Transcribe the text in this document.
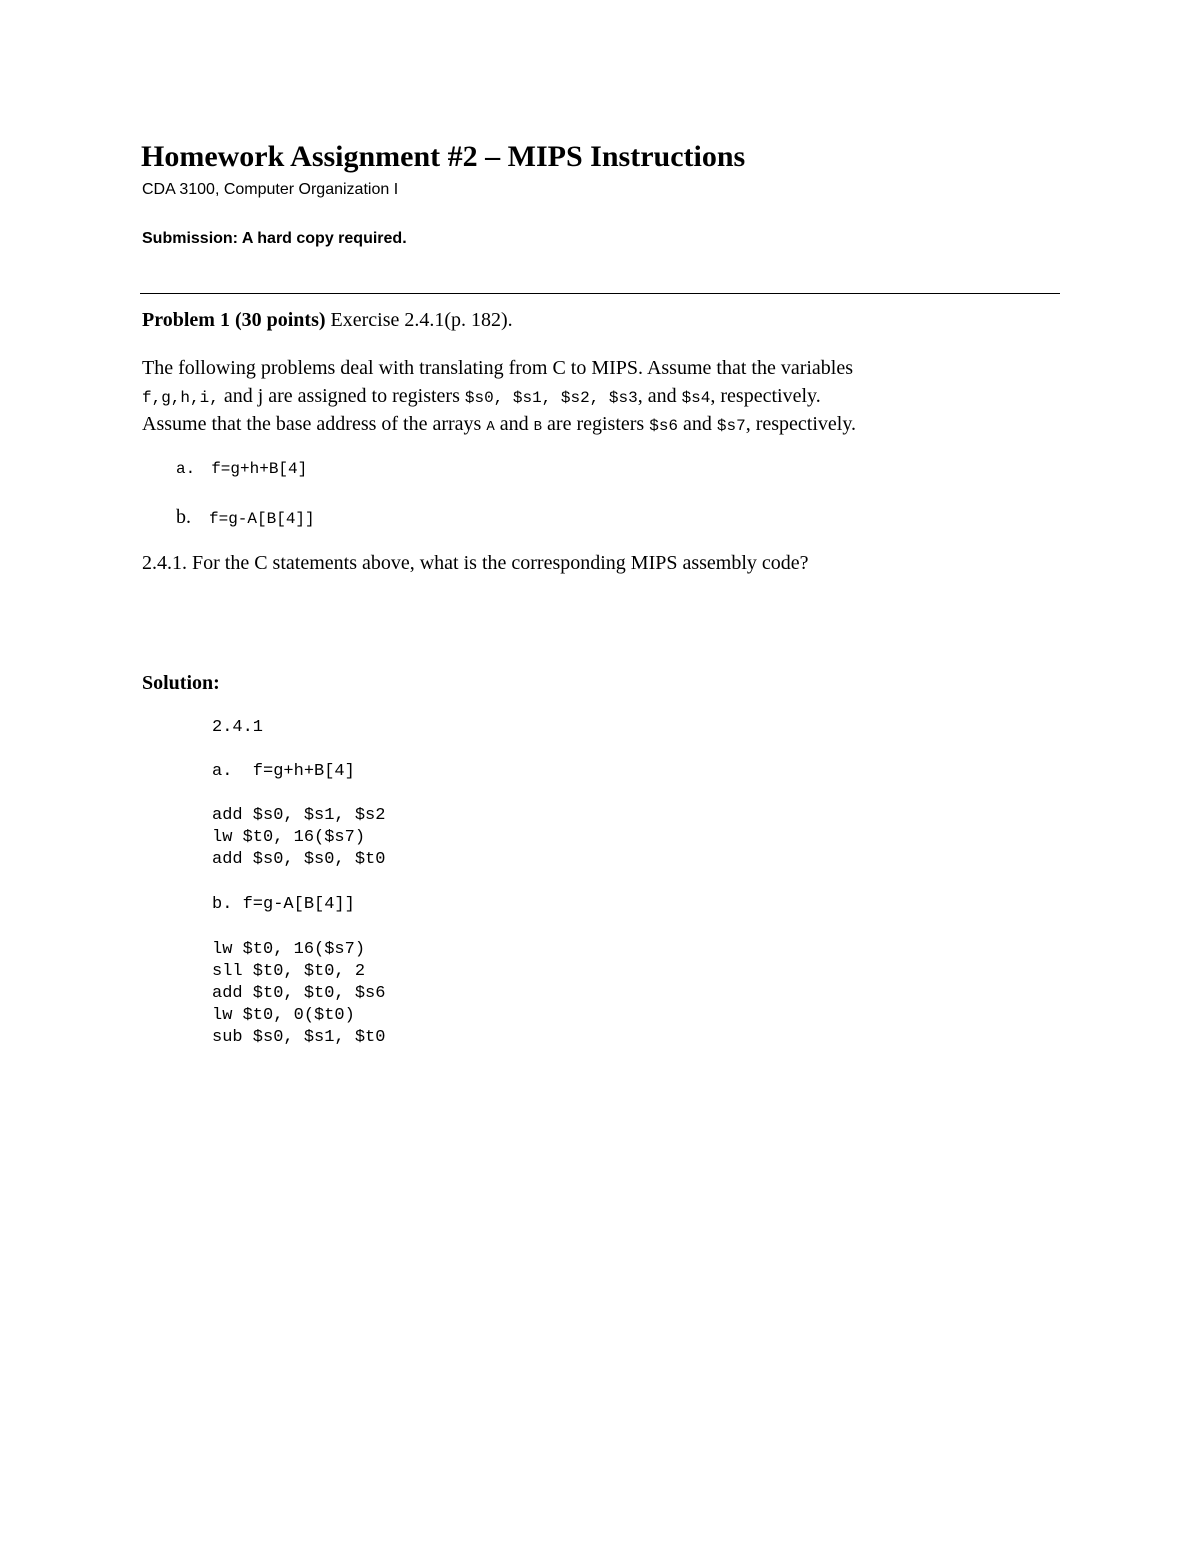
Homework Assignment #2 – MIPS Instructions
CDA 3100, Computer Organization I
Submission: A hard copy required.
Problem 1 (30 points) Exercise 2.4.1(p. 182).
The following problems deal with translating from C to MIPS. Assume that the variables
f,g,h,i, and j are assigned to registers $s0, $s1, $s2, $s3, and $s4, respectively.
Assume that the base address of the arrays A and B are registers $s6 and $s7, respectively.
a. f=g+h+B[4]
b. f=g-A[B[4]]
2.4.1. For the C statements above, what is the corresponding MIPS assembly code?
Solution:
2.4.1
a.  f=g+h+B[4]
add $s0, $s1, $s2
lw $t0, 16($s7)
add $s0, $s0, $t0
b. f=g-A[B[4]]
lw $t0, 16($s7)
sll $t0, $t0, 2
add $t0, $t0, $s6
lw $t0, 0($t0)
sub $s0, $s1, $t0
